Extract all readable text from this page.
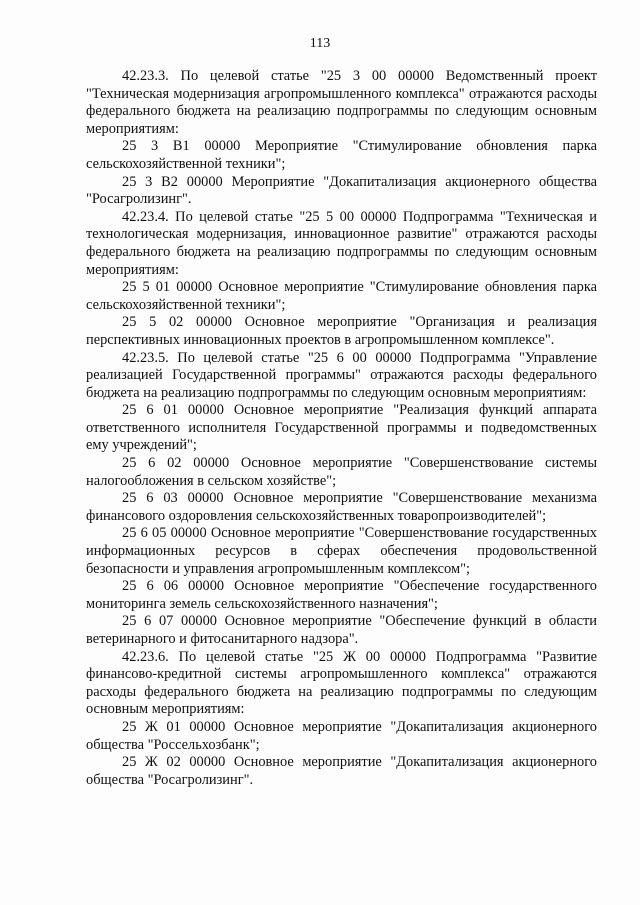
113

42.23.3. По целевой статье "25 3 00 00000 Ведомственный проект "Техническая модернизация агропромышленного комплекса" отражаются расходы федерального бюджета на реализацию подпрограммы по следующим основным мероприятиям:

25 3 В1 00000 Мероприятие "Стимулирование обновления парка сельскохозяйственной техники";

25 3 В2 00000 Мероприятие "Докапитализация акционерного общества "Росагролизинг".

42.23.4. По целевой статье "25 5 00 00000 Подпрограмма "Техническая и технологическая модернизация, инновационное развитие" отражаются расходы федерального бюджета на реализацию подпрограммы по следующим основным мероприятиям:

25 5 01 00000 Основное мероприятие "Стимулирование обновления парка сельскохозяйственной техники";

25 5 02 00000 Основное мероприятие "Организация и реализация перспективных инновационных проектов в агропромышленном комплексе".

42.23.5. По целевой статье "25 6 00 00000 Подпрограмма "Управление реализацией Государственной программы" отражаются расходы федерального бюджета на реализацию подпрограммы по следующим основным мероприятиям:

25 6 01 00000 Основное мероприятие "Реализация функций аппарата ответственного исполнителя Государственной программы и подведомственных ему учреждений";

25 6 02 00000 Основное мероприятие "Совершенствование системы налогообложения в сельском хозяйстве";

25 6 03 00000 Основное мероприятие "Совершенствование механизма финансового оздоровления сельскохозяйственных товаропроизводителей";

25 6 05 00000 Основное мероприятие "Совершенствование государственных информационных ресурсов в сферах обеспечения продовольственной безопасности и управления агропромышленным комплексом";

25 6 06 00000 Основное мероприятие "Обеспечение государственного мониторинга земель сельскохозяйственного назначения";

25 6 07 00000 Основное мероприятие "Обеспечение функций в области ветеринарного и фитосанитарного надзора".

42.23.6. По целевой статье "25 Ж 00 00000 Подпрограмма "Развитие финансово-кредитной системы агропромышленного комплекса" отражаются расходы федерального бюджета на реализацию подпрограммы по следующим основным мероприятиям:

25 Ж 01 00000 Основное мероприятие "Докапитализация акционерного общества "Россельхозбанк";

25 Ж 02 00000 Основное мероприятие "Докапитализация акционерного общества "Росагролизинг".
